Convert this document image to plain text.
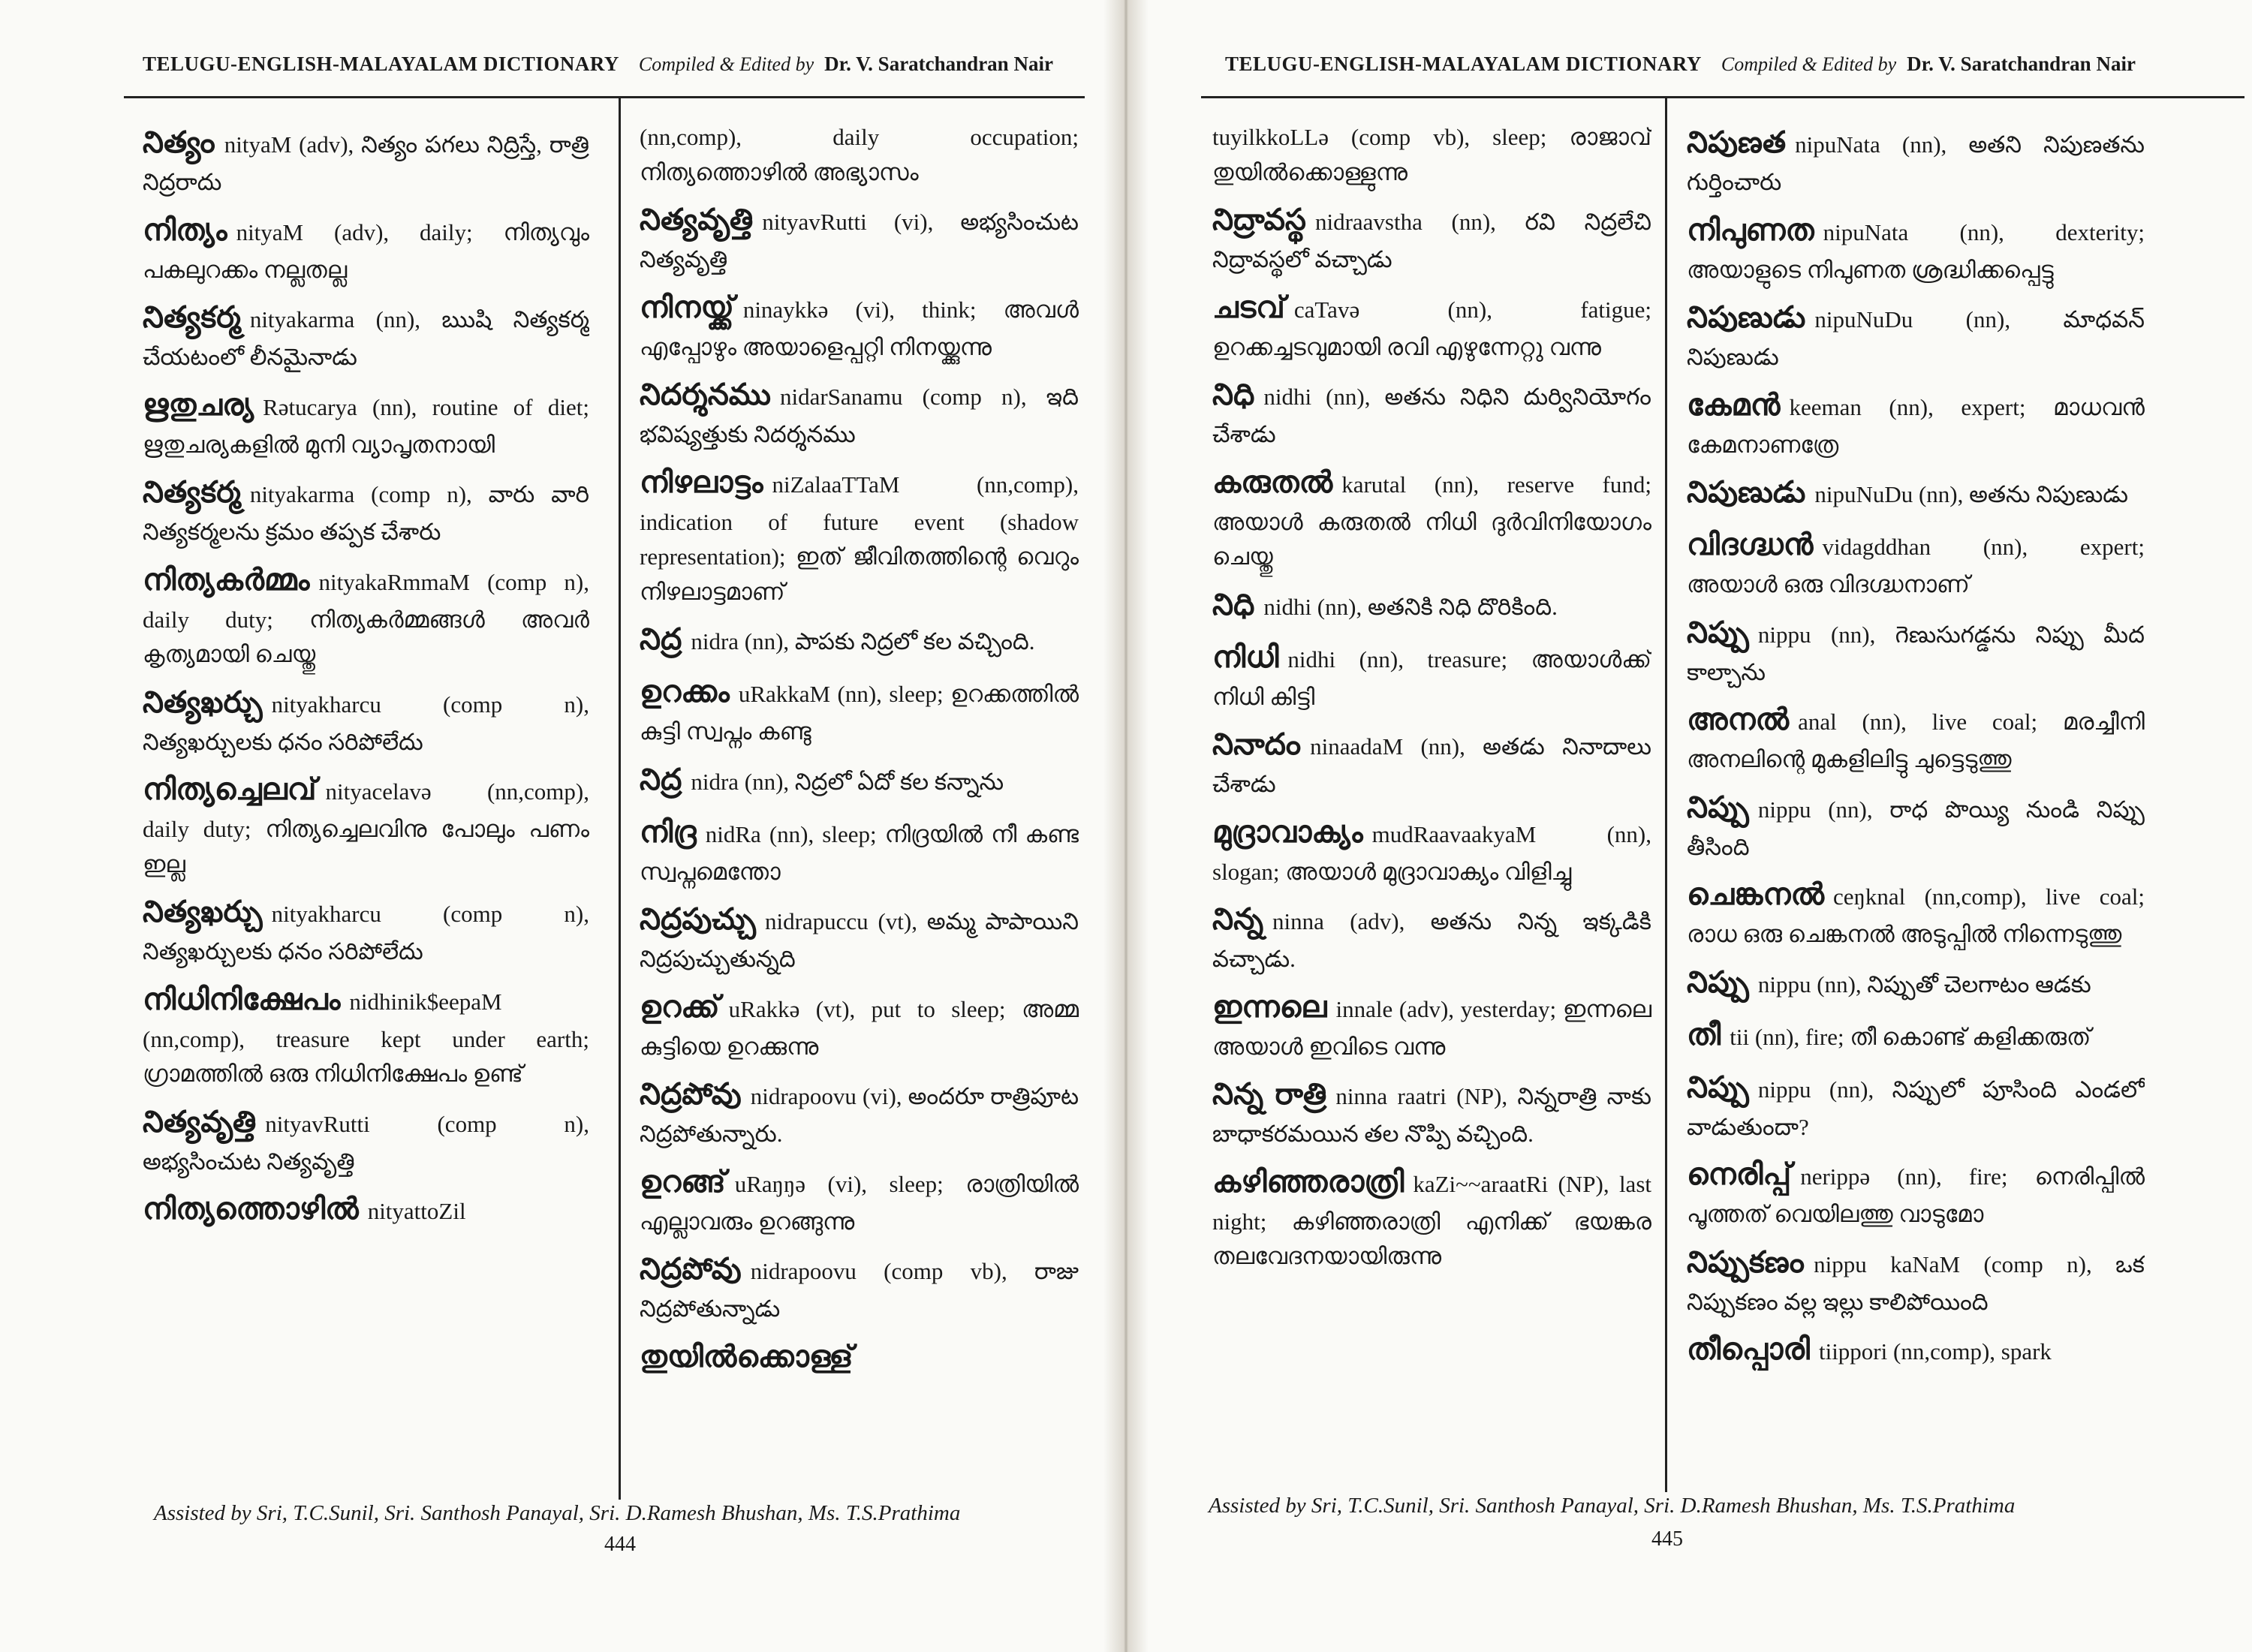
TELUGU-ENGLISH-MALAYALAM DICTIONARY Compiled & Edited by Dr. V. Saratchandran Nair

నిత్యం nityaM (adv), నిత్యం పగలు నిద్రిస్తే, రాత్రి నిద్రరాదు

നിത്യം nityaM (adv), daily; നിത്യവും പകലുറക്കം നല്ലതല്ല

నిత్యకర్మ nityakarma (nn), ఋషి నిత్యకర్మ చేయటంలో లీనమైనాడు

ഋതുചര്യ Rətucarya (nn), routine of diet; ഋതുചര്യകളിൽ മുനി വ്യാപൃതനായി

నిత్యకర్మ nityakarma (comp n), వారు వారి నిత్యకర్మలను క్రమం తప్పక చేశారు

നിത്യകർമ്മം nityakaRmmaM (comp n), daily duty; നിത്യകർമ്മങ്ങൾ അവർ കൃത്യമായി ചെയ്തു

నిత్యఖర్చు nityakharcu (comp n), నిత్యఖర్చులకు ధనం సరిపోలేదు

നിത്യച്ചെലവ് nityacelavə (nn,comp), daily duty; നിത്യച്ചെലവിനു പോലും പണം ഇല്ല

నిత్యఖర్చు nityakharcu (comp n), నిత్యఖర్చులకు ధనం సరిపోలేదు

നിധിനിക്ഷേപം nidhinik$eepaM (nn,comp), treasure kept under earth; ഗ്രാമത്തിൽ ഒരു നിധിനിക്ഷേപം ഉണ്ട്

నిత్యవృత్తి nityavRutti (comp n), అభ్యసించుట నిత్యవృత్తి

നിത്യത്തൊഴിൽ nityattoZil

(nn,comp), daily occupation; നിത്യത്തൊഴിൽ അഭ്യാസം

నిత్యవృత్తి nityavRutti (vi), అభ్యసించుట నిత్యవృత్తి

നിനയ്ക്ക് ninaykkə (vi), think; അവൾ എപ്പോഴും അയാളെപ്പറ്റി നിനയ്ക്കുന്നു

నిదర్శనము nidarSanamu (comp n), ఇది భవిష్యత్తుకు నిదర్శనము

നിഴലാട്ടം niZalaaTTaM (nn,comp), indication of future event (shadow representation); ഇത് ജീവിതത്തിന്റെ വെറും നിഴലാട്ടമാണ്

నిద్ర nidra (nn), పాపకు నిద్రలో కల వచ్చింది.

ഉറക്കം uRakkaM (nn), sleep; ഉറക്കത്തിൽ കുട്ടി സ്വപ്നം കണ്ടു

నిద్ర nidra (nn), నిద్రలో ఏదో కల కన్నాను

നിദ്ര nidRa (nn), sleep; നിദ്രയിൽ നീ കണ്ട സ്വപ്നമെന്തോ

నిద్రపుచ్చు nidrapuccu (vt), అమ్మ పాపాయిని నిద్రపుచ్చుతున్నది

ഉറക്ക് uRakkə (vt), put to sleep; അമ്മ കുട്ടിയെ ഉറക്കുന്നു

నిద్రపోవు nidrapoovu (vi), అందరూ రాత్రిపూట నిద్రపోతున్నారు.

ഉറങ്ങ് uRaŋŋə (vi), sleep; രാത്രിയിൽ എല്ലാവരും ഉറങ്ങുന്നു

నిద్రపోవు nidrapoovu (comp vb), రాజు నిద్రపోతున్నాడు

തുയിൽക്കൊള്ള്

Assisted by Sri, T.C.Sunil, Sri. Santhosh Panayal, Sri. D.Ramesh Bhushan, Ms. T.S.Prathima
444
TELUGU-ENGLISH-MALAYALAM DICTIONARY Compiled & Edited by Dr. V. Saratchandran Nair

tuyilkkoLLə (comp vb), sleep; രാജാവ് തുയിൽക്കൊള്ളുന്നു

నిద్రావస్థ nidraavstha (nn), రవి నిద్రలేచి నిద్రావస్థలో వచ్చాడు

ചടവ് caTavə (nn), fatigue; ഉറക്കച്ചടവുമായി രവി എഴുന്നേറ്റു വന്നു

నిధి nidhi (nn), అతను నిధిని దుర్వినియోగం చేశాడు

കരുതൽ karutal (nn), reserve fund; അയാൾ കരുതൽ നിധി ദുർവിനിയോഗം ചെയ്തു

నిధి nidhi (nn), అతనికి నిధి దొరికింది.

നിധി nidhi (nn), treasure; അയാൾക്ക് നിധി കിട്ടി

నినాదం ninaadaM (nn), అతడు నినాదాలు చేశాడు

മുദ്രാവാക്യം mudRaavaakyaM (nn), slogan; അയാൾ മുദ്രാവാക്യം വിളിച്ചു

నిన్న ninna (adv), అతను నిన్న ఇక్కడికి వచ్చాడు.

ഇന്നലെ innale (adv), yesterday; ഇന്നലെ അയാൾ ഇവിടെ വന്നു

నిన్న రాత్రి ninna raatri (NP), నిన్నరాత్రి నాకు బాధాకరమయిన తల నొప్పి వచ్చింది.

കഴിഞ്ഞരാത്രി kaZi~~araatRi (NP), last night; കഴിഞ്ഞരാത്രി എനിക്ക് ഭയങ്കര തലവേദനയായിരുന്നു

నిపుణత nipuNata (nn), అతని నిపుణతను గుర్తించారు

നിപുണത nipuNata (nn), dexterity; അയാളുടെ നിപുണത ശ്രദ്ധിക്കപ്പെട്ടു

నిపుణుడు nipuNuDu (nn), మాధవన్ నిపుణుడు

കേമൻ keeman (nn), expert; മാധവൻ കേമനാണത്രേ

నిపుణుడు nipuNuDu (nn), అతను నిపుణుడు

വിദഗ്ദ്ധൻ vidagddhan (nn), expert; അയാൾ ഒരു വിദഗ്ദ്ധനാണ്

నిప్పు nippu (nn), గెణుసుగడ్డను నిప్పు మీద కాల్చాను

അനൽ anal (nn), live coal; മരച്ചീനി അനലിന്റെ മുകളിലിട്ടു ചുട്ടെടുത്തു

నిప్పు nippu (nn), రాధ పొయ్యి నుండి నిప్పు తీసింది

ചെങ്കനൽ ceŋknal (nn,comp), live coal; രാധ ഒരു ചെങ്കനൽ അടുപ്പിൽ നിന്നെടുത്തു

నిప్పు nippu (nn), నిప్పుతో చెలగాటం ఆడకు

തീ tii (nn), fire; തീ കൊണ്ട് കളിക്കരുത്

నిప్పు nippu (nn), నిప్పులో పూసింది ఎండలో వాడుతుందా?

നെരിപ്പ് nerippə (nn), fire; നെരിപ്പിൽ പൂത്തത് വെയിലത്തു വാടുമോ

నిప్పుకణం nippu kaNaM (comp n), ఒక నిప్పుకణం వల్ల ఇల్లు కాలిపోయింది

തീപ്പൊരി tiippori (nn,comp), spark

Assisted by Sri, T.C.Sunil, Sri. Santhosh Panayal, Sri. D.Ramesh Bhushan, Ms. T.S.Prathima
445
